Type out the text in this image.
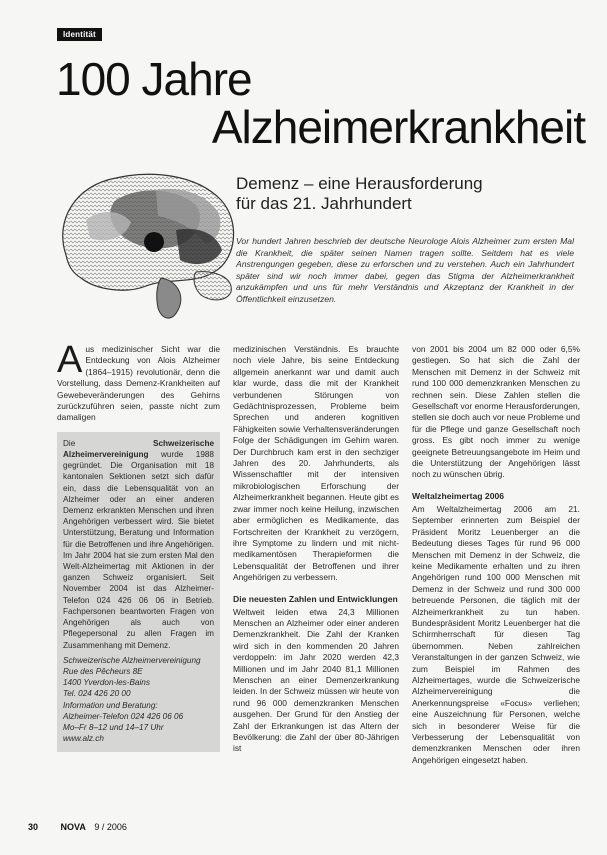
Identität
100 Jahre
Alzheimerkrankheit
Demenz – eine Herausforderung
für das 21. Jahrhundert

Vor hundert Jahren beschrieb der deutsche Neurologe Alois Alzheimer zum ersten Mal die Krankheit, die später seinen Namen tragen sollte. Seitdem hat es viele Anstrengungen gegeben, diese zu erforschen und zu verstehen. Auch ein Jahrhundert später sind wir noch immer dabei, gegen das Stigma der Alzheimerkrankheit anzukämpfen und uns für mehr Verständnis und Akzeptanz der Krankheit in der Öffentlichkeit einzusetzen.

Aus medizinischer Sicht war die Entdeckung von Alois Alzheimer (1864–1915) revolutionär, denn die Vorstellung, dass Demenz-Krankheiten auf Gewebeveränderungen des Gehirns zurückzuführen seien, passte nicht zum damaligen

Die Schweizerische Alzheimervereinigung wurde 1988 gegründet. Die Organisation mit 18 kantonalen Sektionen setzt sich dafür ein, dass die Lebensqualität von an Alzheimer oder an einer anderen Demenz erkrankten Menschen und ihren Angehörigen verbessert wird. Sie bietet Unterstützung, Beratung und Information für die Betroffenen und ihre Angehörigen. Im Jahr 2004 hat sie zum ersten Mal den Welt-Alzheimertag mit Aktionen in der ganzen Schweiz organisiert. Seit November 2004 ist das Alzheimer-Telefon 024 426 06 06 in Betrieb. Fachpersonen beantworten Fragen von Angehörigen als auch von Pflegepersonal zu allen Fragen im Zusammenhang mit Demenz.
Schweizerische Alzheimervereinigung
Rue des Pêcheurs 8E
1400 Yverdon-les-Bains
Tel. 024 426 20 00
Information und Beratung:
Alzheimer-Telefon 024 426 06 06
Mo–Fr 8–12 und 14–17 Uhr
www.alz.ch

medizinischen Verständnis. Es brauchte noch viele Jahre, bis seine Entdeckung allgemein anerkannt war und damit auch klar wurde, dass die mit der Krankheit verbundenen Störungen von Gedächtnisprozessen, Probleme beim Sprechen und anderen kognitiven Fähigkeiten sowie Verhaltensveränderungen Folge der Schädigungen im Gehirn waren. Der Durchbruch kam erst in den sechziger Jahren des 20. Jahrhunderts, als Wissenschaftler mit der intensiven mikrobiologischen Erforschung der Alzheimerkrankheit begannen. Heute gibt es zwar immer noch keine Heilung, inzwischen aber ermöglichen es Medikamente, das Fortschreiten der Krankheit zu verzögern, ihre Symptome zu lindern und mit nicht-medikamentösen Therapieformen die Lebensqualität der Betroffenen und ihrer Angehörigen zu verbessern.

Die neuesten Zahlen und Entwicklungen

Weltweit leiden etwa 24,3 Millionen Menschen an Alzheimer oder einer anderen Demenzkrankheit. Die Zahl der Kranken wird sich in den kommenden 20 Jahren verdoppeln: im Jahr 2020 werden 42,3 Millionen und im Jahr 2040 81,1 Millionen Menschen an einer Demenzerkrankung leiden. In der Schweiz müssen wir heute von rund 96 000 demenzkranken Menschen ausgehen. Der Grund für den Anstieg der Zahl der Erkrankungen ist das Altern der Bevölkerung: die Zahl der über 80-Jährigen ist

von 2001 bis 2004 um 82 000 oder 6,5% gestiegen. So hat sich die Zahl der Menschen mit Demenz in der Schweiz mit rund 100 000 demenzkranken Menschen zu rechnen sein. Diese Zahlen stellen die Gesellschaft vor enorme Herausforderungen, stellen sie doch auch vor neue Probleme und für die Pflege und ganze Gesellschaft noch gross. Es gibt noch immer zu wenige geeignete Betreuungsangebote im Heim und die Unterstützung der Angehörigen lässt noch zu wünschen übrig.

Weltalzheimertag 2006

Am Weltalzheimertag 2006 am 21. September erinnerten zum Beispiel der Präsident Moritz Leuenberger an die Bedeutung dieses Tages für rund 96 000 Menschen mit Demenz in der Schweiz, die keine Medikamente erhalten und zu ihren Angehörigen rund 100 000 Menschen mit Demenz in der Schweiz und rund 300 000 betreuende Personen, die täglich mit der Alzheimerkrankheit zu tun haben. Bundespräsident Moritz Leuenberger hat die Schirmherrschaft für diesen Tag übernommen. Neben zahlreichen Veranstaltungen in der ganzen Schweiz, wie zum Beispiel im Rahmen des Alzheimertages, wurde die Schweizerische Alzheimervereinigung die Anerkennungspreise «Focus» verliehen; eine Auszeichnung für Personen, welche sich in besonderer Weise für die Verbesserung der Lebensqualität von demenzkranken Menschen oder ihren Angehörigen eingesetzt haben.

30	NOVA 9 / 2006
